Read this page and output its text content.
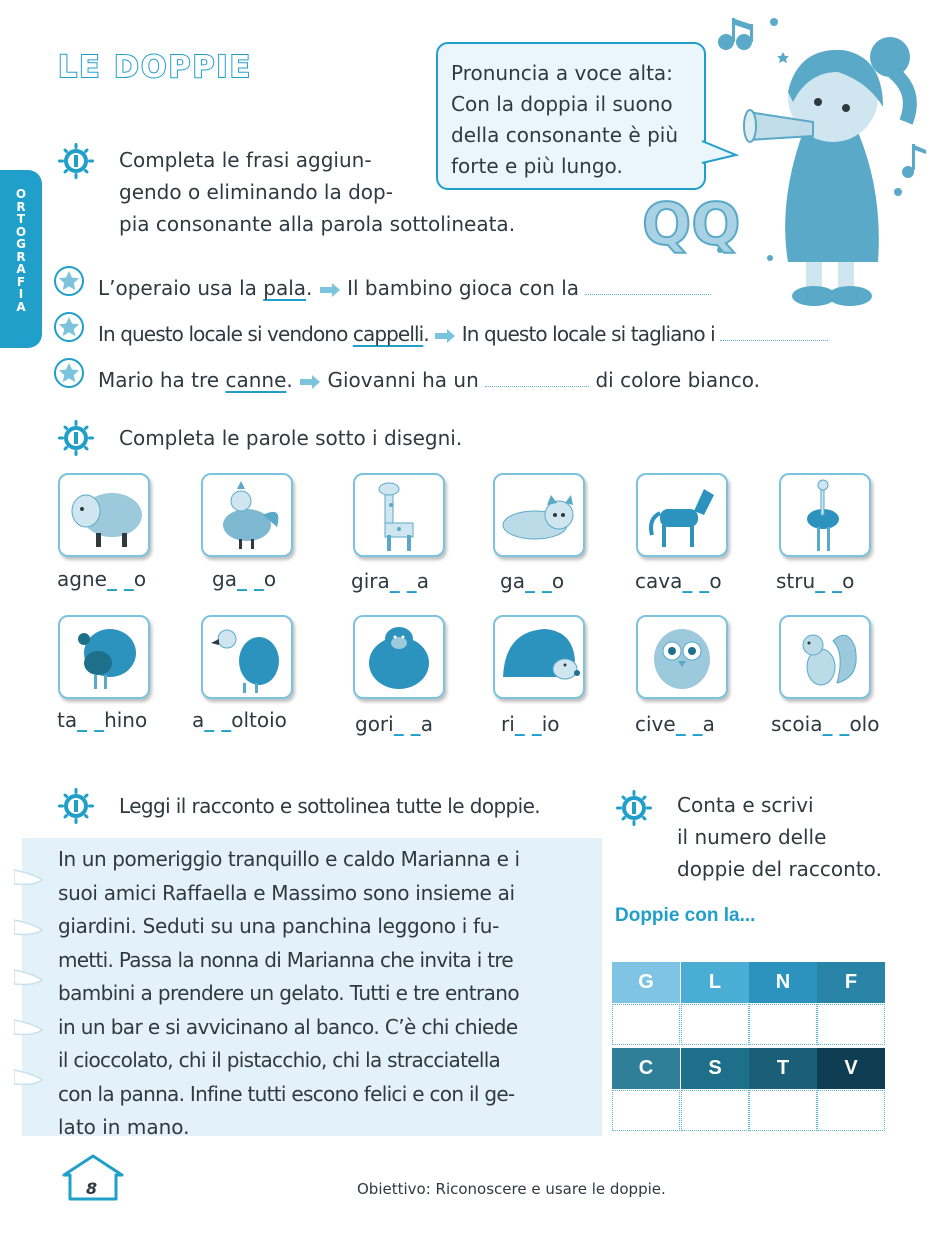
LE DOPPIE
O
R
T
O
G
R
A
F
I
A
Completa le frasi aggiun-
gendo o eliminando la dop-
pia consonante alla parola sottolineata.
Pronuncia a voce alta:
Con la doppia il suono
della consonante è più
forte e più lungo.
QQ
L’operaio usa la pala. Il bambino gioca con la
In questo locale si vendono cappelli. In questo locale si tagliano i
Mario ha tre canne. Giovanni ha un	di colore bianco.
Completa le parole sotto i disegni.
agne_ _o	ga_ _o	gira_ _a	ga_ _o	cava_ _o	stru_ _o
ta_ _hino a_ _oltoio	gori_ _a	ri_ _io	cive_ _a	scoia_ _olo
Leggi il racconto e sottolinea tutte le doppie.
In un pomeriggio tranquillo e caldo Marianna e i
suoi amici Raffaella e Massimo sono insieme ai
giardini. Seduti su una panchina leggono i fu-
metti. Passa la nonna di Marianna che invita i tre
bambini a prendere un gelato. Tutti e tre entrano
in un bar e si avvicinano al banco. C’è chi chiede
il cioccolato, chi il pistacchio, chi la stracciatella
con la panna. Infine tutti escono felici e con il ge-
lato in mano.
Conta e scrivi
il numero delle
doppie del racconto.
Doppie con la...
G	L	N	F
C	S	T	V
8	Obiettivo: Riconoscere e usare le doppie.
